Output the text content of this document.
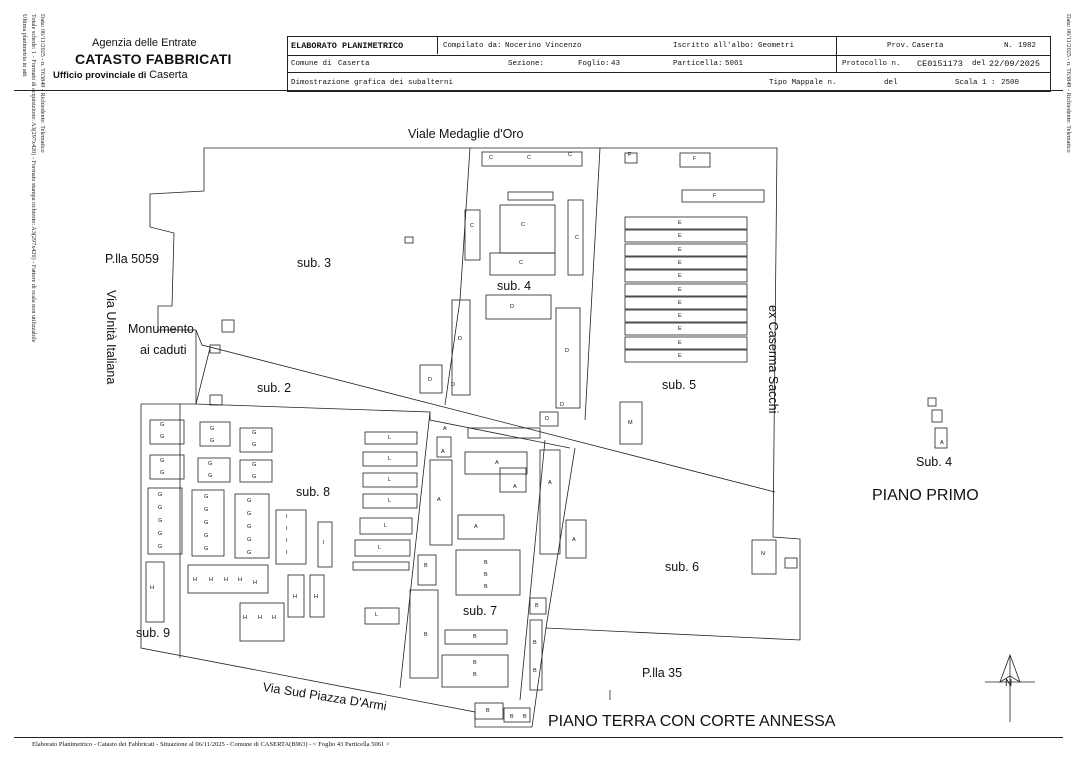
Data: 06/11/2025 - n. T63849 - Richiedente: Telematico
Totale schede: 1 - Formato di acquisizione: A3(297x420) - Formato stampa richiesto: A3(297x420) - Fattore di scala non utilizzabile
Ultima planimetria in atti	Data: 06/11/2025 - n. T63849 - Richiedente: Telematico
Agenzia delle Entrate
CATASTO FABBRICATI
Ufficio provinciale di Caserta
ELABORATO PLANIMETRICO	Compilato da: Nocerino Vincenzo	Iscritto all'albo: Geometri	Prov. Caserta	N. 1982
Comune di Caserta	Sezione:	Foglio: 43	Particella: 5061	Protocollo n. CE0151173 del 22/09/2025
Dimostrazione grafica dei subalterni	Tipo Mappale n.	del	Scala 1 : 2500
C
C	C
C
C
C
C
D
D
D
D
D
D
D
F
F
F
E
E
E
E
E
E
E
E
E
E
E
M
N
A
G
G
G
G
G
G
G
G
G
G
G
G
G
G
G
G
G
G
G
G
G
G
G
G
G
G
G
I
I
I
I
I
H
H H H H H
H H H
H	H
L
L
L
L
L
L
L
A
A
A
A
A
A
A
A
B
B
B
B
B
B
B
B
B
B
B
B
B B
Viale Medaglie d'Oro
P.lla 5059	sub. 3
sub. 4
Monumento
ai caduti
sub. 2	sub. 5
sub. 8
sub. 6
sub. 7
sub. 9
P.lla 35
Sub. 4
PIANO PRIMO
PIANO TERRA CON CORTE ANNESSA
N
Via Unità Italiana	ex Caserma Sacchi
Via Sud Piazza D'Armi
Elaborato Planimetrico - Catasto dei Fabbricati - Situazione al 06/11/2025 - Comune di CASERTA(B963) - < Foglio 43 Particella 5061 >
